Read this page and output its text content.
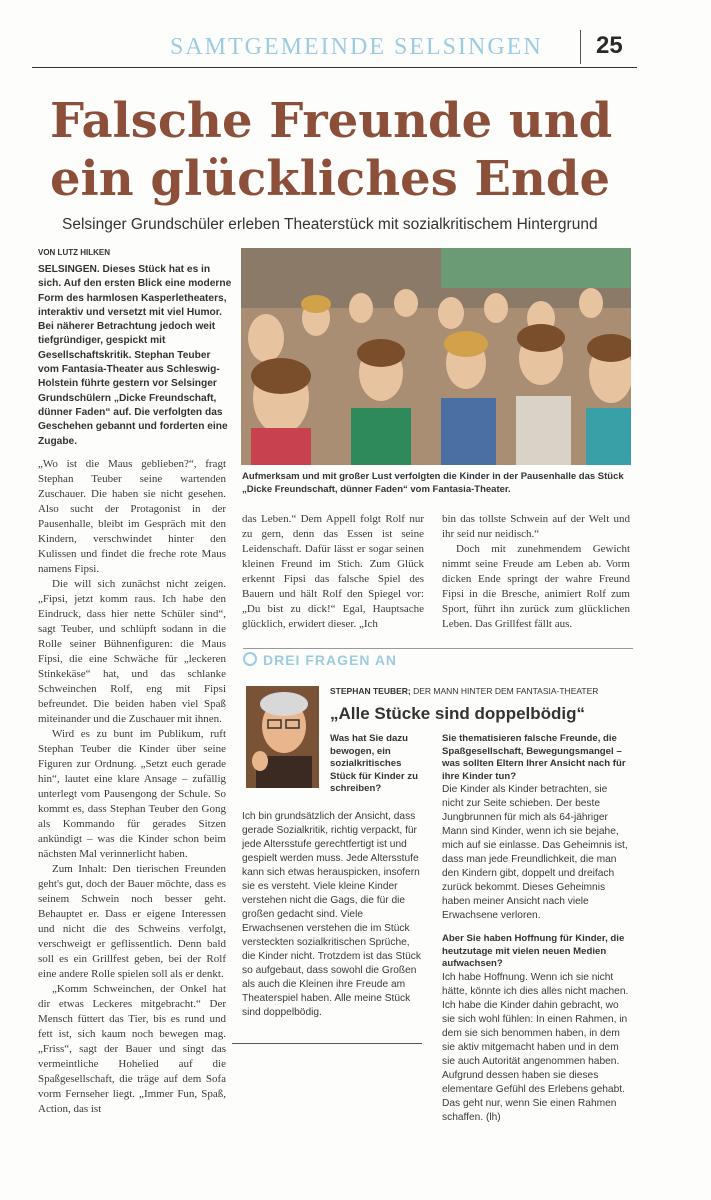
SAMTGEMEINDE SELSINGEN 25
Falsche Freunde und
ein glückliches Ende
Selsinger Grundschüler erleben Theaterstück mit sozialkritischem Hintergrund
VON LUTZ HILKEN
SELSINGEN. Dieses Stück hat es in sich. Auf den ersten Blick eine moderne Form des harmlosen Kasperletheaters, interaktiv und versetzt mit viel Humor. Bei näherer Betrachtung jedoch weit tiefgründiger, gespickt mit Gesellschaftskritik. Stephan Teuber vom Fantasia-Theater aus Schleswig-Holstein führte gestern vor Selsinger Grundschülern „Dicke Freundschaft, dünner Faden“ auf. Die verfolgten das Geschehen gebannt und forderten eine Zugabe.
Aufmerksam und mit großer Lust verfolgten die Kinder in der Pausenhalle das Stück „Dicke Freundschaft, dünner Faden“ vom Fantasia-Theater.

„Wo ist die Maus geblieben?“, fragt Stephan Teuber seine wartenden Zuschauer. Die haben sie nicht gesehen. Also sucht der Protagonist in der Pausenhalle, bleibt im Gespräch mit den Kindern, verschwindet hinter den Kulissen und findet die freche rote Maus namens Fipsi.

Die will sich zunächst nicht zeigen. „Fipsi, jetzt komm raus. Ich habe den Eindruck, dass hier nette Schüler sind“, sagt Teuber, und schlüpft sodann in die Rolle seiner Bühnenfiguren: die Maus Fipsi, die eine Schwäche für „leckeren Stinkekäse“ hat, und das schlanke Schweinchen Rolf, eng mit Fipsi befreundet. Die beiden haben viel Spaß miteinander und die Zuschauer mit ihnen.

Wird es zu bunt im Publikum, ruft Stephan Teuber die Kinder über seine Figuren zur Ordnung. „Setzt euch gerade hin“, lautet eine klare Ansage – zufällig unterlegt vom Pausengong der Schule. So kommt es, dass Stephan Teuber den Gong als Kommando für gerades Sitzen ankündigt – was die Kinder schon beim nächsten Mal verinnerlicht haben.

Zum Inhalt: Den tierischen Freunden geht's gut, doch der Bauer möchte, dass es seinem Schwein noch besser geht. Behauptet er. Dass er eigene Interessen und nicht die des Schweins verfolgt, verschweigt er geflissentlich. Denn bald soll es ein Grillfest geben, bei der Rolf eine andere Rolle spielen soll als er denkt.

„Komm Schweinchen, der Onkel hat dir etwas Leckeres mitgebracht.“ Der Mensch füttert das Tier, bis es rund und fett ist, sich kaum noch bewegen mag. „Friss“, sagt der Bauer und singt das vermeintliche Hohelied auf die Spaßgesellschaft, die träge auf dem Sofa vorm Fernseher liegt. „Immer Fun, Spaß, Action, das ist

das Leben.“ Dem Appell folgt Rolf nur zu gern, denn das Essen ist seine Leidenschaft. Dafür lässt er sogar seinen kleinen Freund im Stich. Zum Glück erkennt Fipsi das falsche Spiel des Bauern und hält Rolf den Spiegel vor: „Du bist zu dick!“ Egal, Hauptsache glücklich, erwidert dieser. „Ich

bin das tollste Schwein auf der Welt und ihr seid nur neidisch.“

Doch mit zunehmendem Gewicht nimmt seine Freude am Leben ab. Vorm dicken Ende springt der wahre Freund Fipsi in die Bresche, animiert Rolf zum Sport, führt ihn zurück zum glücklichen Leben. Das Grillfest fällt aus.

DREI FRAGEN AN
STEPHAN TEUBER; DER MANN HINTER DEM FANTASIA-THEATER
„Alle Stücke sind doppelbödig“

Was hat Sie dazu bewogen, ein sozialkritisches Stück für Kinder zu schreiben?

Ich bin grundsätzlich der Ansicht, dass gerade Sozialkritik, richtig verpackt, für jede Altersstufe gerechtfertigt ist und gespielt werden muss. Jede Altersstufe kann sich etwas herauspicken, insofern sie es versteht. Viele kleine Kinder verstehen nicht die Gags, die für die großen gedacht sind. Viele Erwachsenen verstehen die im Stück versteckten sozialkritischen Sprüche, die Kinder nicht. Trotzdem ist das Stück so aufgebaut, dass sowohl die Großen als auch die Kleinen ihre Freude am Theaterspiel haben. Alle meine Stück sind doppelbödig.

Sie thematisieren falsche Freunde, die Spaßgesellschaft, Bewegungsmangel – was sollten Eltern Ihrer Ansicht nach für ihre Kinder tun?

Die Kinder als Kinder betrachten, sie nicht zur Seite schieben. Der beste Jungbrunnen für mich als 64-jähriger Mann sind Kinder, wenn ich sie bejahe, mich auf sie einlasse. Das Geheimnis ist, dass man jede Freundlichkeit, die man den Kindern gibt, doppelt und dreifach zurück bekommt. Dieses Geheimnis haben meiner Ansicht nach viele Erwachsene verloren.

Aber Sie haben Hoffnung für Kinder, die heutzutage mit vielen neuen Medien aufwachsen?

Ich habe Hoffnung. Wenn ich sie nicht hätte, könnte ich dies alles nicht machen. Ich habe die Kinder dahin gebracht, wo sie sich wohl fühlen: In einen Rahmen, in dem sie sich benommen haben, in dem sie aktiv mitgemacht haben und in dem sie auch Autorität angenommen haben. Aufgrund dessen haben sie dieses elementare Gefühl des Erlebens gehabt. Das geht nur, wenn Sie einen Rahmen schaffen. (lh)
